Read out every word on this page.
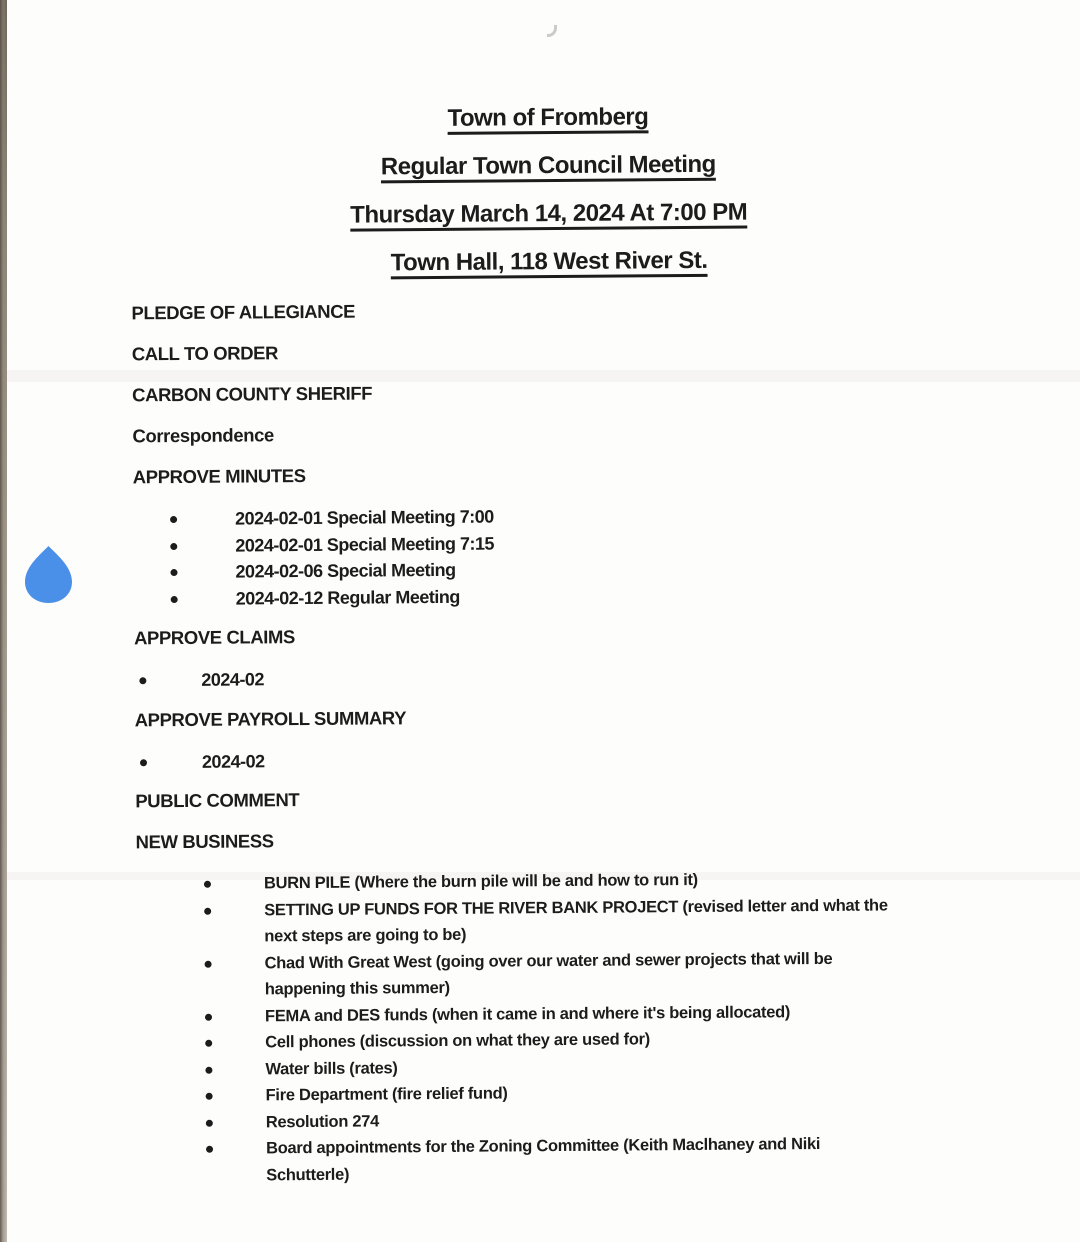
Town of Fromberg
Regular Town Council Meeting
Thursday March 14, 2024 At 7:00 PM
Town Hall, 118 West River St.
PLEDGE OF ALLEGIANCE
CALL TO ORDER
CARBON COUNTY SHERIFF
Correspondence
APPROVE MINUTES
2024-02-01 Special Meeting 7:00
2024-02-01 Special Meeting 7:15
2024-02-06 Special Meeting
2024-02-12 Regular Meeting
APPROVE CLAIMS
2024-02
APPROVE PAYROLL SUMMARY
2024-02
PUBLIC COMMENT
NEW BUSINESS
BURN PILE (Where the burn pile will be and how to run it)
SETTING UP FUNDS FOR THE RIVER BANK PROJECT (revised letter and what the next steps are going to be)
Chad With Great West (going over our water and sewer projects that will be happening this summer)
FEMA and DES funds (when it came in and where it's being allocated)
Cell phones (discussion on what they are used for)
Water bills (rates)
Fire Department (fire relief fund)
Resolution 274
Board appointments for the Zoning Committee (Keith Maclhaney and Niki Schutterle)
